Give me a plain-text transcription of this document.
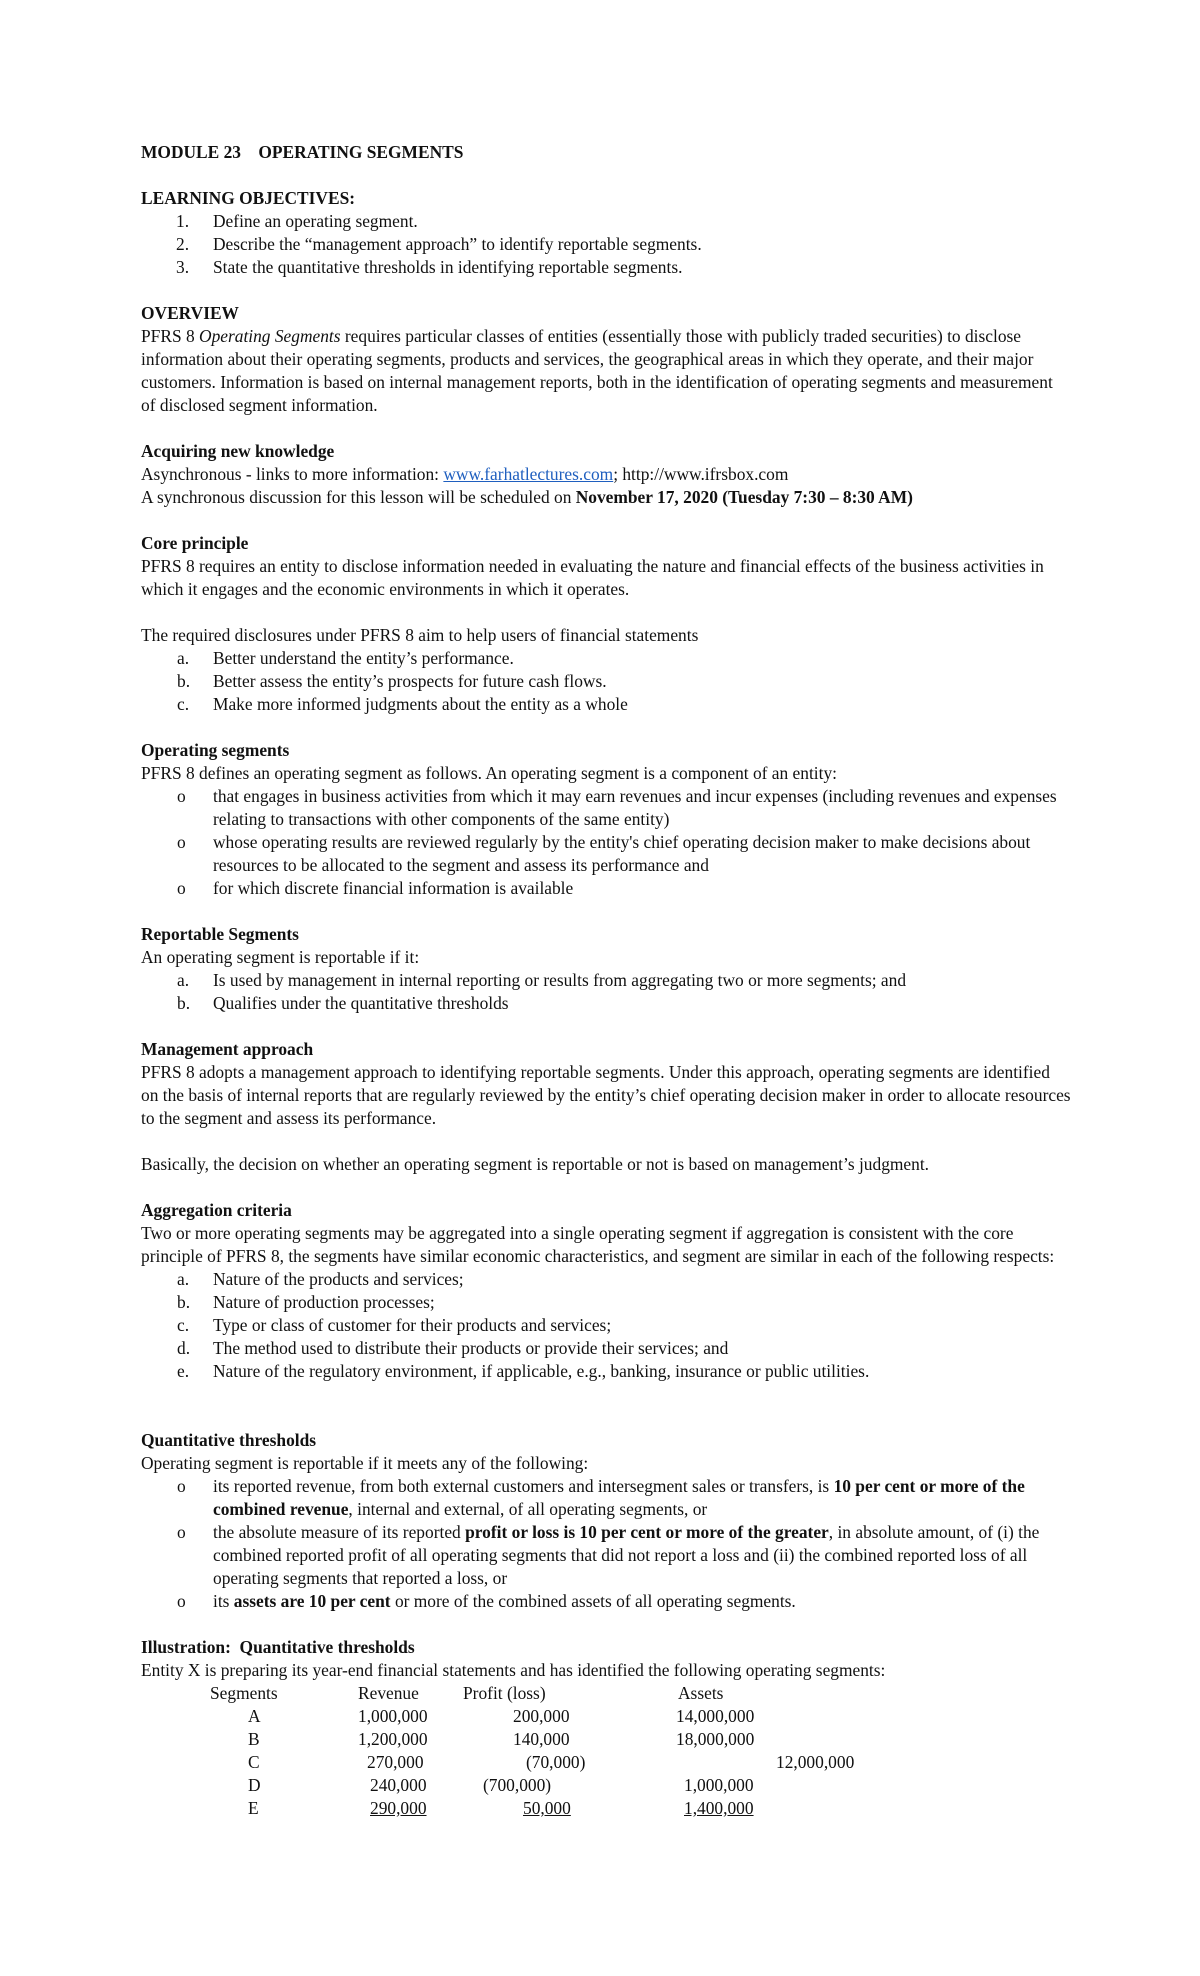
MODULE 23    OPERATING SEGMENTS

LEARNING OBJECTIVES:

1.	Define an operating segment.
2.	Describe the “management approach” to identify reportable segments.
3.	State the quantitative thresholds in identifying reportable segments.

OVERVIEW

PFRS 8 Operating Segments requires particular classes of entities (essentially those with publicly traded securities) to disclose information about their operating segments, products and services, the geographical areas in which they operate, and their major customers. Information is based on internal management reports, both in the identification of operating segments and measurement of disclosed segment information.

Acquiring new knowledge

Asynchronous - links to more information: www.farhatlectures.com; http://www.ifrsbox.com

A synchronous discussion for this lesson will be scheduled on November 17, 2020 (Tuesday 7:30 – 8:30 AM)

Core principle

PFRS 8 requires an entity to disclose information needed in evaluating the nature and financial effects of the business activities in which it engages and the economic environments in which it operates.

The required disclosures under PFRS 8 aim to help users of financial statements

a.	Better understand the entity’s performance.
b.	Better assess the entity’s prospects for future cash flows.
c.	Make more informed judgments about the entity as a whole

Operating segments

PFRS 8 defines an operating segment as follows. An operating segment is a component of an entity:

o	that engages in business activities from which it may earn revenues and incur expenses (including revenues and expenses relating to transactions with other components of the same entity)
o	whose operating results are reviewed regularly by the entity's chief operating decision maker to make decisions about resources to be allocated to the segment and assess its performance and
o	for which discrete financial information is available

Reportable Segments

An operating segment is reportable if it:

a.	Is used by management in internal reporting or results from aggregating two or more segments; and
b.	Qualifies under the quantitative thresholds

Management approach

PFRS 8 adopts a management approach to identifying reportable segments. Under this approach, operating segments are identified on the basis of internal reports that are regularly reviewed by the entity’s chief operating decision maker in order to allocate resources to the segment and assess its performance.

Basically, the decision on whether an operating segment is reportable or not is based on management’s judgment.

Aggregation criteria

Two or more operating segments may be aggregated into a single operating segment if aggregation is consistent with the core principle of PFRS 8, the segments have similar economic characteristics, and segment are similar in each of the following respects:

a.	Nature of the products and services;
b.	Nature of production processes;
c.	Type or class of customer for their products and services;
d.	The method used to distribute their products or provide their services; and
e.	Nature of the regulatory environment, if applicable, e.g., banking, insurance or public utilities.

Quantitative thresholds

Operating segment is reportable if it meets any of the following:

o	its reported revenue, from both external customers and intersegment sales or transfers, is 10 per cent or more of the combined revenue, internal and external, of all operating segments, or
o	the absolute measure of its reported profit or loss is 10 per cent or more of the greater, in absolute amount, of (i) the combined reported profit of all operating segments that did not report a loss and (ii) the combined reported loss of all operating segments that reported a loss, or
o	its assets are 10 per cent or more of the combined assets of all operating segments.

Illustration:  Quantitative thresholds

Entity X is preparing its year-end financial statements and has identified the following operating segments:

Segments	Revenue	Profit (loss)	Assets
A	1,000,000	200,000	14,000,000
B	1,200,000	140,000	18,000,000
C	270,000	(70,000)	12,000,000
D	240,000	(700,000)	1,000,000
E	290,000	50,000	1,400,000
